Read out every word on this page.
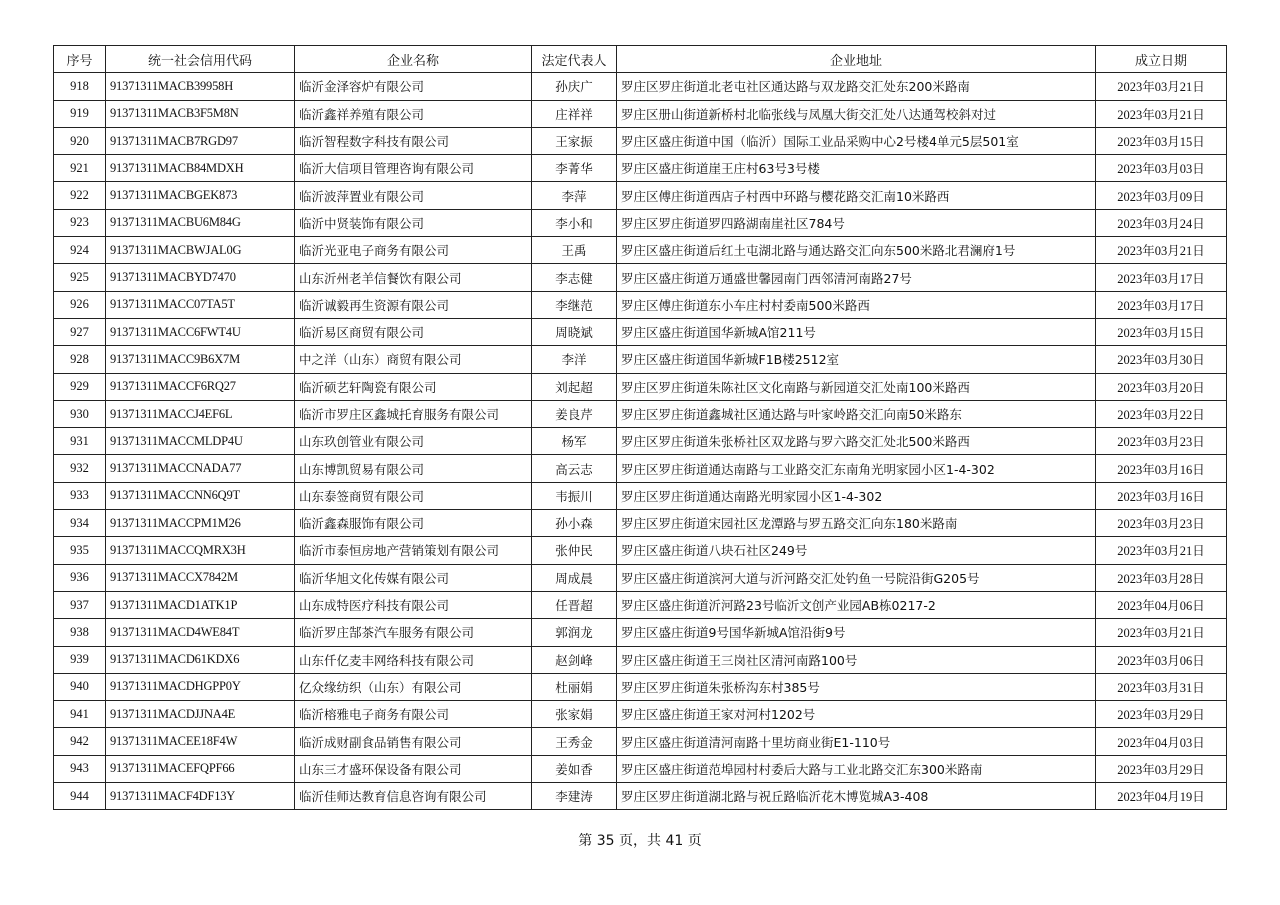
序号	统一社会信用代码	企业名称	法定代表人	企业地址	成立日期
918	91371311MACB39958H	临沂金泽容炉有限公司	孙庆广	罗庄区罗庄街道北老屯社区通达路与双龙路交汇处东200米路南	2023年03月21日
919	91371311MACB3F5M8N	临沂鑫祥养殖有限公司	庄祥祥	罗庄区册山街道新桥村北临张线与凤凰大街交汇处八达通驾校斜对过	2023年03月21日
920	91371311MACB7RGD97	临沂智程数字科技有限公司	王家振	罗庄区盛庄街道中国（临沂）国际工业品采购中心2号楼4单元5层501室	2023年03月15日
921	91371311MACB84MDXH	临沂大信项目管理咨询有限公司	李菁华	罗庄区盛庄街道崖王庄村63号3号楼	2023年03月03日
922	91371311MACBGEK873	临沂波萍置业有限公司	李萍	罗庄区傅庄街道西店子村西中环路与樱花路交汇南10米路西	2023年03月09日
923	91371311MACBU6M84G	临沂中贤装饰有限公司	李小和	罗庄区罗庄街道罗四路湖南崖社区784号	2023年03月24日
924	91371311MACBWJAL0G	临沂光亚电子商务有限公司	王禹	罗庄区盛庄街道后红土屯湖北路与通达路交汇向东500米路北君澜府1号	2023年03月21日
925	91371311MACBYD7470	山东沂州老羊信餐饮有限公司	李志健	罗庄区盛庄街道万通盛世馨园南门西邻清河南路27号	2023年03月17日
926	91371311MACC07TA5T	临沂诚毅再生资源有限公司	李继范	罗庄区傅庄街道东小车庄村村委南500米路西	2023年03月17日
927	91371311MACC6FWT4U	临沂易区商贸有限公司	周晓斌	罗庄区盛庄街道国华新城A馆211号	2023年03月15日
928	91371311MACC9B6X7M	中之洋（山东）商贸有限公司	李洋	罗庄区盛庄街道国华新城F1B楼2512室	2023年03月30日
929	91371311MACCF6RQ27	临沂硕艺轩陶瓷有限公司	刘起超	罗庄区罗庄街道朱陈社区文化南路与新园道交汇处南100米路西	2023年03月20日
930	91371311MACCJ4EF6L	临沂市罗庄区鑫城托育服务有限公司	姜良芹	罗庄区罗庄街道鑫城社区通达路与叶家岭路交汇向南50米路东	2023年03月22日
931	91371311MACCMLDP4U	山东玖创管业有限公司	杨军	罗庄区罗庄街道朱张桥社区双龙路与罗六路交汇处北500米路西	2023年03月23日
932	91371311MACCNADA77	山东博凯贸易有限公司	高云志	罗庄区罗庄街道通达南路与工业路交汇东南角光明家园小区1-4-302	2023年03月16日
933	91371311MACCNN6Q9T	山东泰签商贸有限公司	韦振川	罗庄区罗庄街道通达南路光明家园小区1-4-302	2023年03月16日
934	91371311MACCPM1M26	临沂鑫森服饰有限公司	孙小森	罗庄区罗庄街道宋园社区龙潭路与罗五路交汇向东180米路南	2023年03月23日
935	91371311MACCQMRX3H	临沂市泰恒房地产营销策划有限公司	张仲民	罗庄区盛庄街道八块石社区249号	2023年03月21日
936	91371311MACCX7842M	临沂华旭文化传媒有限公司	周成晨	罗庄区盛庄街道滨河大道与沂河路交汇处钓鱼一号院沿街G205号	2023年03月28日
937	91371311MACD1ATK1P	山东成特医疗科技有限公司	任晋超	罗庄区盛庄街道沂河路23号临沂文创产业园AB栋0217-2	2023年04月06日
938	91371311MACD4WE84T	临沂罗庄郜茶汽车服务有限公司	郭润龙	罗庄区盛庄街道9号国华新城A馆沿街9号	2023年03月21日
939	91371311MACD61KDX6	山东仟亿麦丰网络科技有限公司	赵剑峰	罗庄区盛庄街道王三岗社区清河南路100号	2023年03月06日
940	91371311MACDHGPP0Y	亿众缘纺织（山东）有限公司	杜丽娟	罗庄区罗庄街道朱张桥沟东村385号	2023年03月31日
941	91371311MACDJJNA4E	临沂榕雅电子商务有限公司	张家娟	罗庄区盛庄街道王家对河村1202号	2023年03月29日
942	91371311MACEE18F4W	临沂成财副食品销售有限公司	王秀金	罗庄区盛庄街道清河南路十里坊商业街E1-110号	2023年04月03日
943	91371311MACEFQPF66	山东三才盛环保设备有限公司	姜如香	罗庄区盛庄街道范埠园村村委后大路与工业北路交汇东300米路南	2023年03月29日
944	91371311MACF4DF13Y	临沂佳师达教育信息咨询有限公司	李建涛	罗庄区罗庄街道湖北路与祝丘路临沂花木博览城A3-408	2023年04月19日
第 35 页，共 41 页
